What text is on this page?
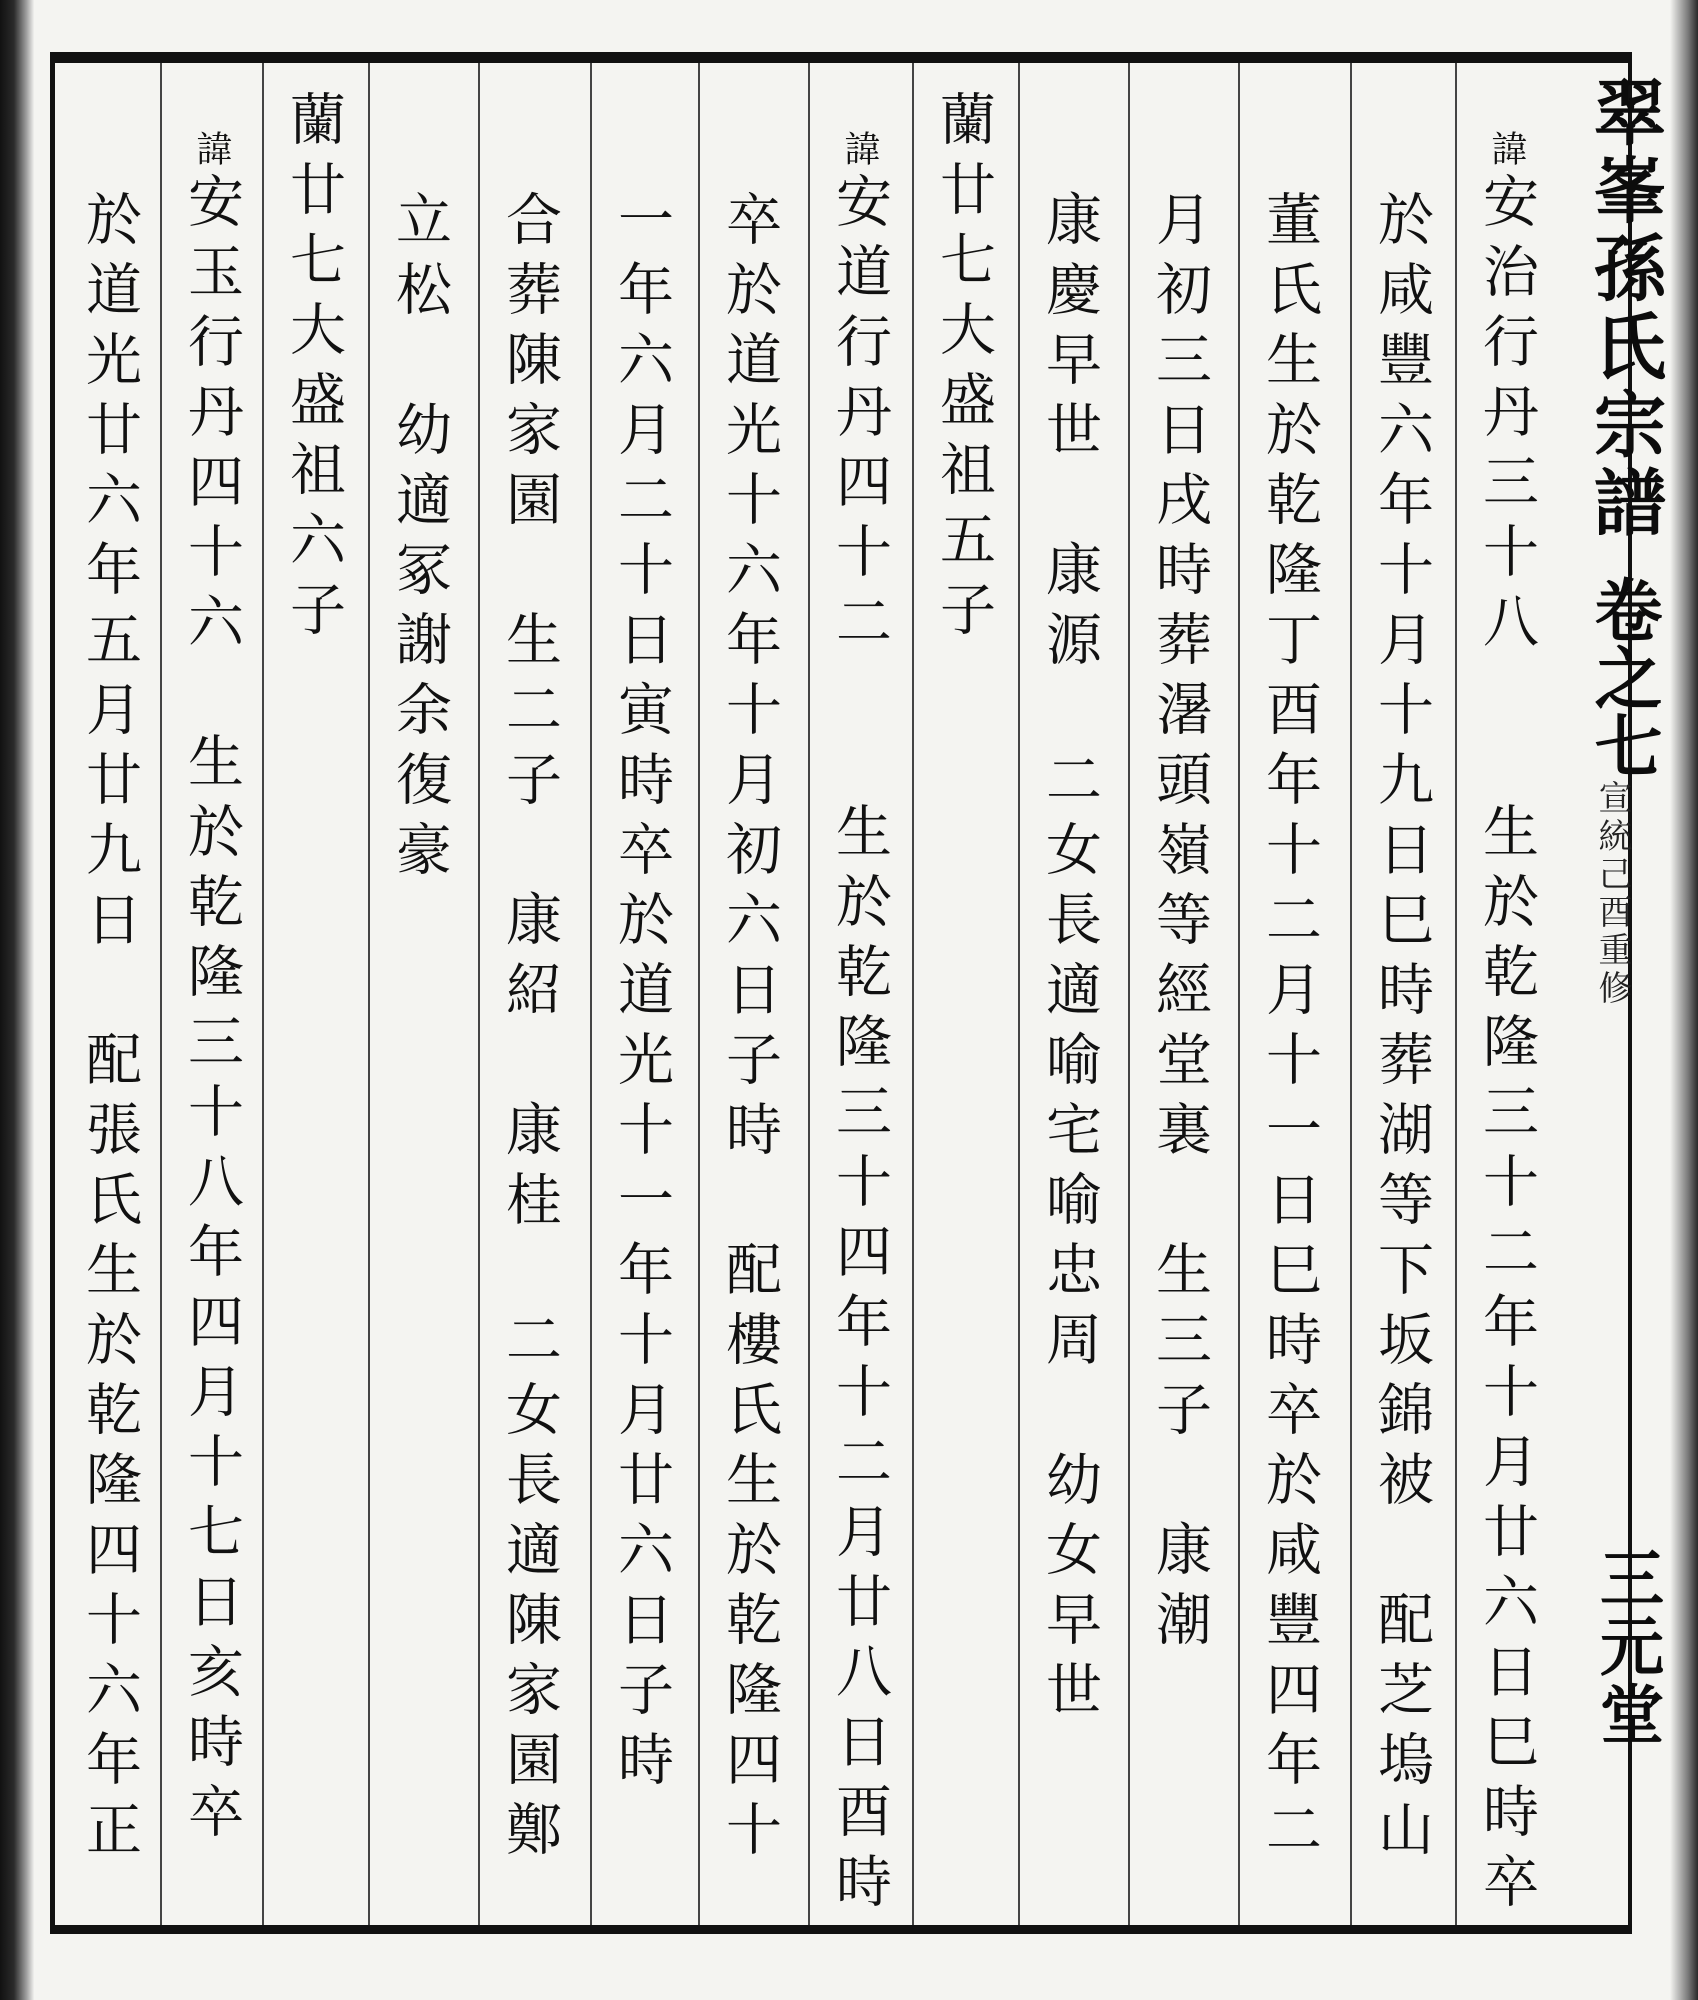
翠峯孫氏宗譜
卷之七
宣統己酉重修
三元堂
諱安治行丹三十八　　生於乾隆三十二年十月廿六日巳時卒
於咸豐六年十月十九日巳時葬湖等下坂錦被　配芝塢山
董氏生於乾隆丁酉年十二月十一日巳時卒於咸豐四年二
月初三日戌時葬濐頭嶺等經堂裏　生三子　康潮
康慶早世　康源　二女長適喻宅喻忠周　幼女早世
蘭廿七大盛祖五子
諱安道行丹四十二　　生於乾隆三十四年十二月廿八日酉時
卒於道光十六年十月初六日子時　配樓氏生於乾隆四十
一年六月二十日寅時卒於道光十一年十月廿六日子時
合葬陳家園　生二子　康紹　康桂　二女長適陳家園鄭
立松　幼適冢謝余復豪
蘭廿七大盛祖六子
諱安玉行丹四十六　生於乾隆三十八年四月十七日亥時卒
於道光廿六年五月廿九日　配張氏生於乾隆四十六年正
